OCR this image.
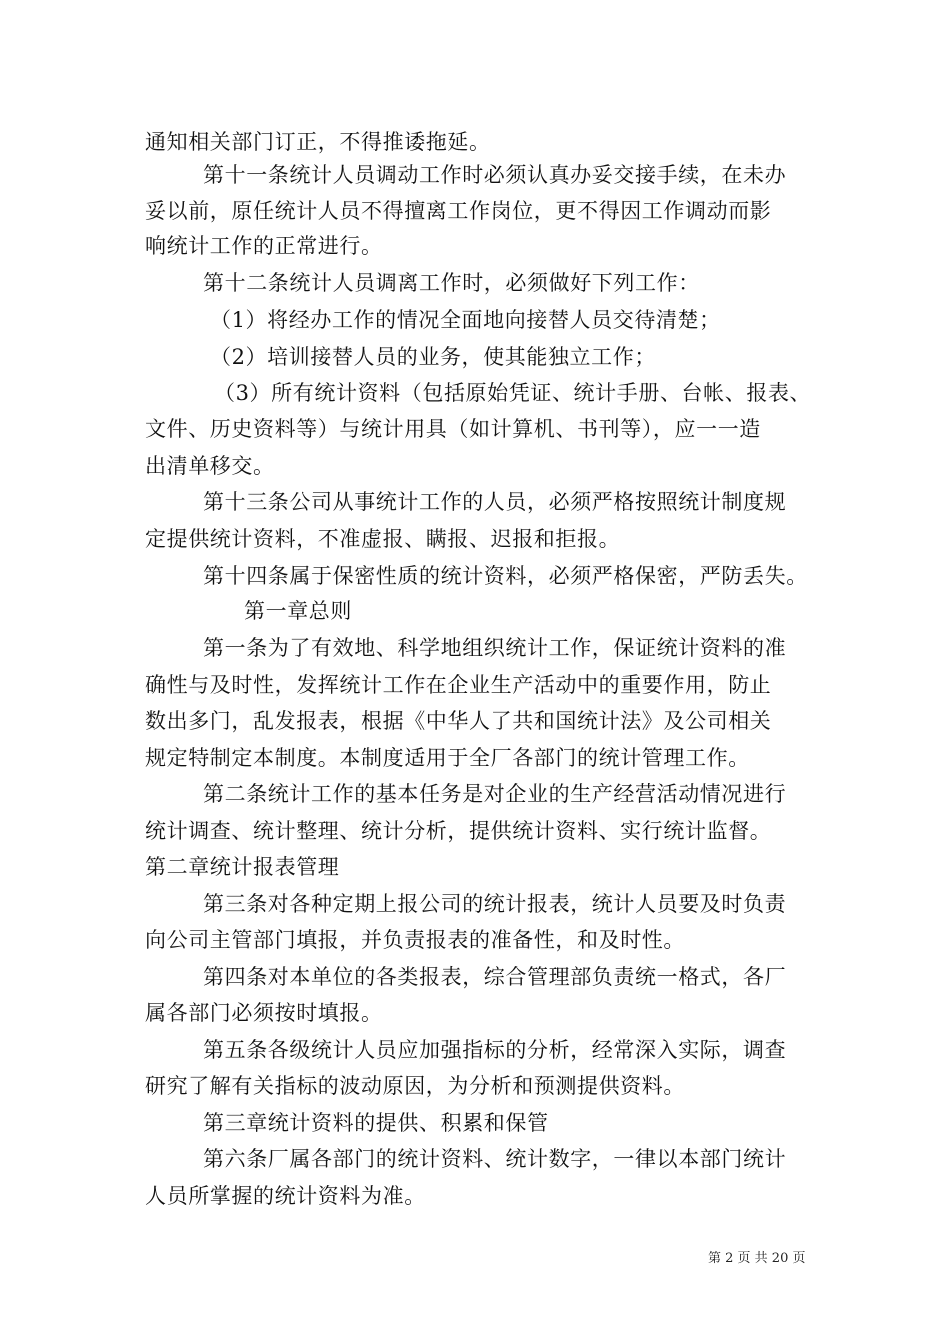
通知相关部门订正，不得推诿拖延。
第十一条统计人员调动工作时必须认真办妥交接手续，在未办
妥以前，原任统计人员不得擅离工作岗位，更不得因工作调动而影
响统计工作的正常进行。
第十二条统计人员调离工作时，必须做好下列工作：
（1）将经办工作的情况全面地向接替人员交待清楚；
（2）培训接替人员的业务，使其能独立工作；
（3）所有统计资料（包括原始凭证、统计手册、台帐、报表、
文件、历史资料等）与统计用具（如计算机、书刊等），应一一造
出清单移交。
第十三条公司从事统计工作的人员，必须严格按照统计制度规
定提供统计资料，不准虚报、瞒报、迟报和拒报。
第十四条属于保密性质的统计资料，必须严格保密，严防丢失。
第一章总则
第一条为了有效地、科学地组织统计工作，保证统计资料的准
确性与及时性，发挥统计工作在企业生产活动中的重要作用，防止
数出多门，乱发报表，根据《中华人了共和国统计法》及公司相关
规定特制定本制度。本制度适用于全厂各部门的统计管理工作。
第二条统计工作的基本任务是对企业的生产经营活动情况进行
统计调查、统计整理、统计分析，提供统计资料、实行统计监督。
第二章统计报表管理
第三条对各种定期上报公司的统计报表，统计人员要及时负责
向公司主管部门填报，并负责报表的准备性，和及时性。
第四条对本单位的各类报表，综合管理部负责统一格式，各厂
属各部门必须按时填报。
第五条各级统计人员应加强指标的分析，经常深入实际，调查
研究了解有关指标的波动原因，为分析和预测提供资料。
第三章统计资料的提供、积累和保管
第六条厂属各部门的统计资料、统计数字，一律以本部门统计
人员所掌握的统计资料为准。
第 2 页 共 20 页
